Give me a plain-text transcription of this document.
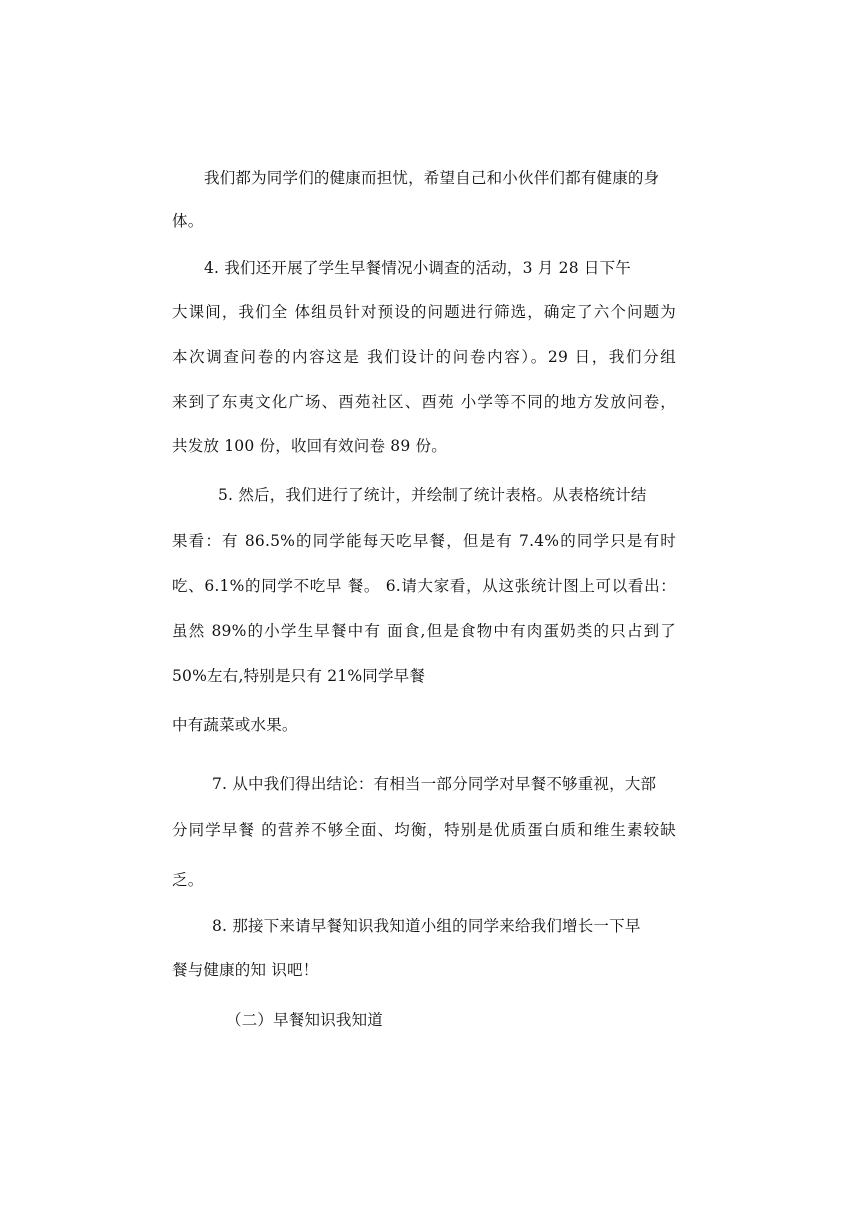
我们都为同学们的健康而担忧，希望自己和小伙伴们都有健康的身

体。

4. 我们还开展了学生早餐情况小调查的活动，3 月 28 日下午

大课间，我们全 体组员针对预设的问题进行筛选，确定了六个问题为

本次调查问卷的内容这是 我们设计的问卷内容）。29 日，我们分组

来到了东夷文化广场、酉苑社区、酉苑 小学等不同的地方发放问卷，

共发放 100 份，收回有效问卷 89 份。

5. 然后，我们进行了统计，并绘制了统计表格。从表格统计结

果看：有 86.5%的同学能每天吃早餐，但是有 7.4%的同学只是有时

吃、6.1%的同学不吃早 餐。 6.请大家看，从这张统计图上可以看出：

虽然 89%的小学生早餐中有 面食,但是食物中有肉蛋奶类的只占到了

50%左右,特别是只有 21%同学早餐

中有蔬菜或水果。

7. 从中我们得出结论：有相当一部分同学对早餐不够重视，大部

分同学早餐 的营养不够全面、均衡，特别是优质蛋白质和维生素较缺

乏。

8. 那接下来请早餐知识我知道小组的同学来给我们增长一下早

餐与健康的知 识吧！

（二）早餐知识我知道
